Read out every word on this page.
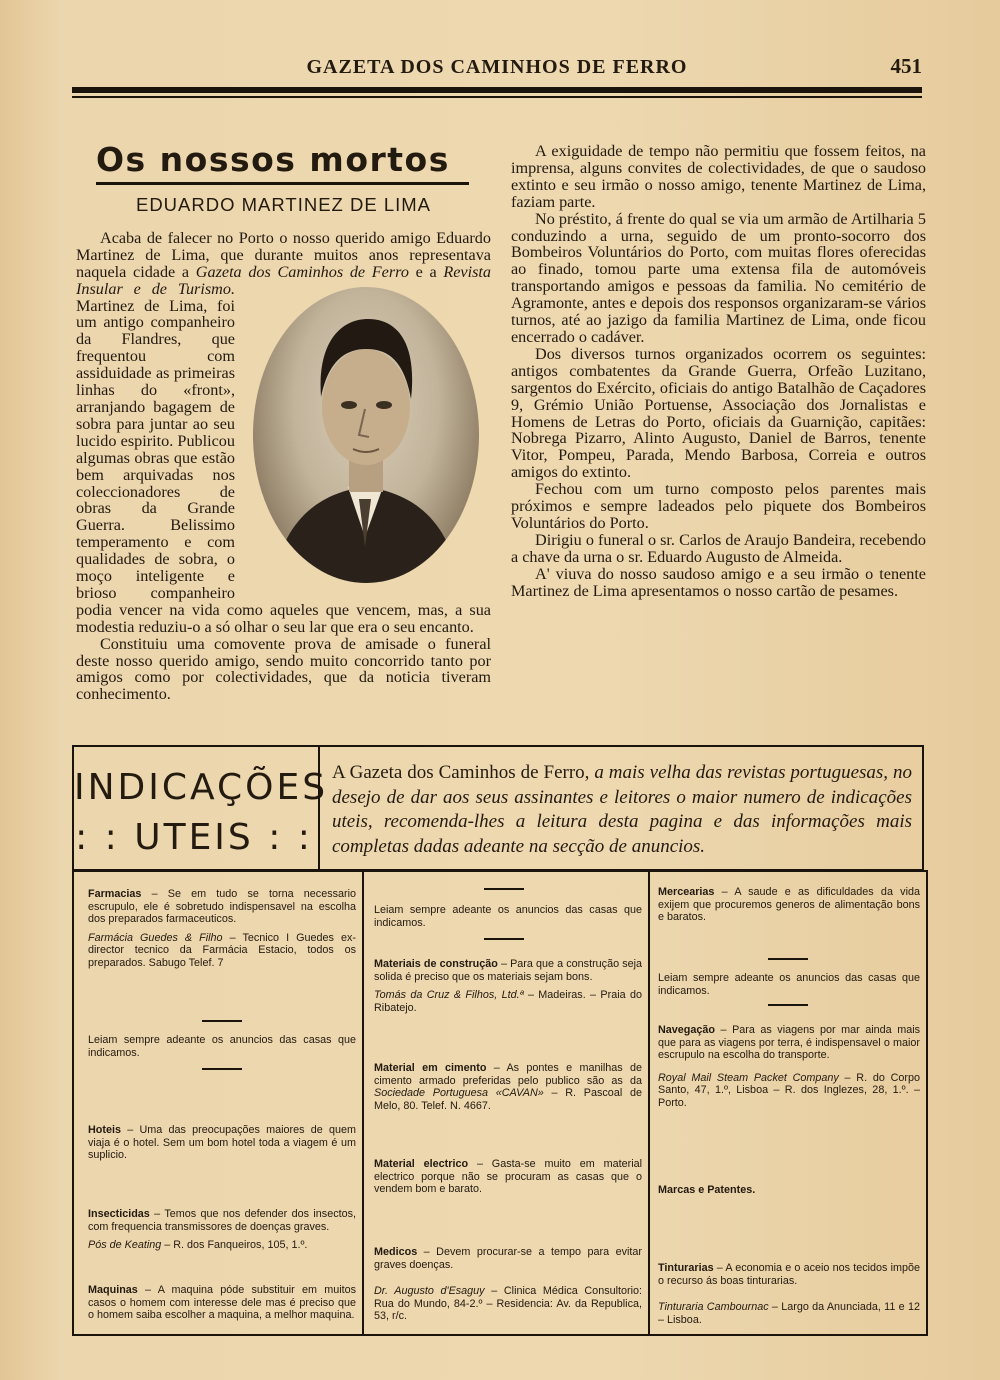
GAZETA DOS CAMINHOS DE FERRO	451
Os nossos mortos
EDUARDO MARTINEZ DE LIMA

Acaba de falecer no Porto o nosso querido amigo Eduardo Martinez de Lima, que durante muitos anos representava naquela cidade a Gazeta dos Caminhos de Ferro e a Revista Insular e de Turismo.
Martinez de Lima, foi um antigo companheiro da Flandres, que frequentou com assiduidade as primeiras linhas do «front», arranjando bagagem de sobra para juntar ao seu lucido espirito. Publicou algumas obras que estão bem arquivadas nos coleccionadores de obras da Grande Guerra. Belissimo temperamento e com qualidades de sobra, o moço inteligente e brioso companheiro podia vencer na vida como aqueles que vencem, mas, a sua modestia reduziu-o a só olhar o seu lar que era o seu encanto.

Constituiu uma comovente prova de amisade o funeral deste nosso querido amigo, sendo muito concorrido tanto por amigos como por colectividades, que da noticia tiveram conhecimento.

A exiguidade de tempo não permitiu que fossem feitos, na imprensa, alguns convites de colectividades, de que o saudoso extinto e seu irmão o nosso amigo, tenente Martinez de Lima, faziam parte.

No préstito, á frente do qual se via um armão de Artilharia 5 conduzindo a urna, seguido de um pronto-socorro dos Bombeiros Voluntários do Porto, com muitas flores oferecidas ao finado, tomou parte uma extensa fila de automóveis transportando amigos e pessoas da familia. No cemitério de Agramonte, antes e depois dos responsos organizaram-se vários turnos, até ao jazigo da familia Martinez de Lima, onde ficou encerrado o cadáver.

Dos diversos turnos organizados ocorrem os seguintes: antigos combatentes da Grande Guerra, Orfeão Luzitano, sargentos do Exército, oficiais do antigo Batalhão de Caçadores 9, Grémio União Portuense, Associação dos Jornalistas e Homens de Letras do Porto, oficiais da Guarnição, capitães: Nobrega Pizarro, Alinto Augusto, Daniel de Barros, tenente Vitor, Pompeu, Parada, Mendo Barbosa, Correia e outros amigos do extinto.

Fechou com um turno composto pelos parentes mais próximos e sempre ladeados pelo piquete dos Bombeiros Voluntários do Porto.

Dirigiu o funeral o sr. Carlos de Araujo Bandeira, recebendo a chave da urna o sr. Eduardo Augusto de Almeida.

A' viuva do nosso saudoso amigo e a seu irmão o tenente Martinez de Lima apresentamos o nosso cartão de pesames.

INDICAÇÕES
: : UTEIS : :
A Gazeta dos Caminhos de Ferro, a mais velha das revistas portuguesas, no desejo de dar aos seus assinantes e leitores o maior numero de indicações uteis, recomenda-lhes a leitura desta pagina e das informações mais completas dadas adeante na secção de anuncios.
Farmacias – Se em tudo se torna necessario escrupulo, ele é sobretudo indispensavel na escolha dos preparados farmaceuticos.
Farmácia Guedes & Filho – Tecnico I Guedes ex-director tecnico da Farmácia Estacio, todos os preparados. Sabugo Telef. 7
Leiam sempre adeante os anuncios das casas que indicamos.
Hoteis – Uma das preocupações maiores de quem viaja é o hotel. Sem um bom hotel toda a viagem é um suplicio.
Insecticidas – Temos que nos defender dos insectos, com frequencia transmissores de doenças graves.
Pós de Keating – R. dos Fanqueiros, 105, 1.º.
Maquinas – A maquina póde substituir em muitos casos o homem com interesse dele mas é preciso que o homem saiba escolher a maquina, a melhor maquina.
Leiam sempre adeante os anuncios das casas que indicamos.
Materiais de construção – Para que a construção seja solida é preciso que os materiais sejam bons.
Tomás da Cruz & Filhos, Ltd.ª – Madeiras. – Praia do Ribatejo.
Material em cimento – As pontes e manilhas de cimento armado preferidas pelo publico são as da Sociedade Portuguesa «CAVAN» – R. Pascoal de Melo, 80. Telef. N. 4667.
Material electrico – Gasta-se muito em material electrico porque não se procuram as casas que o vendem bom e barato.
Medicos – Devem procurar-se a tempo para evitar graves doenças.
Dr. Augusto d'Esaguy – Clinica Médica Consultorio: Rua do Mundo, 84-2.º – Residencia: Av. da Republica, 53, r/c.
Mercearias – A saude e as dificuldades da vida exijem que procuremos generos de alimentação bons e baratos.
Leiam sempre adeante os anuncios das casas que indicamos.
Navegação – Para as viagens por mar ainda mais que para as viagens por terra, é indispensavel o maior escrupulo na escolha do transporte.
Royal Mail Steam Packet Company – R. do Corpo Santo, 47, 1.º, Lisboa – R. dos Inglezes, 28, 1.º. – Porto.
Marcas e Patentes.
Tinturarias – A economia e o aceio nos tecidos impõe o recurso ás boas tinturarias.
Tinturaria Cambournac – Largo da Anunciada, 11 e 12 – Lisboa.
